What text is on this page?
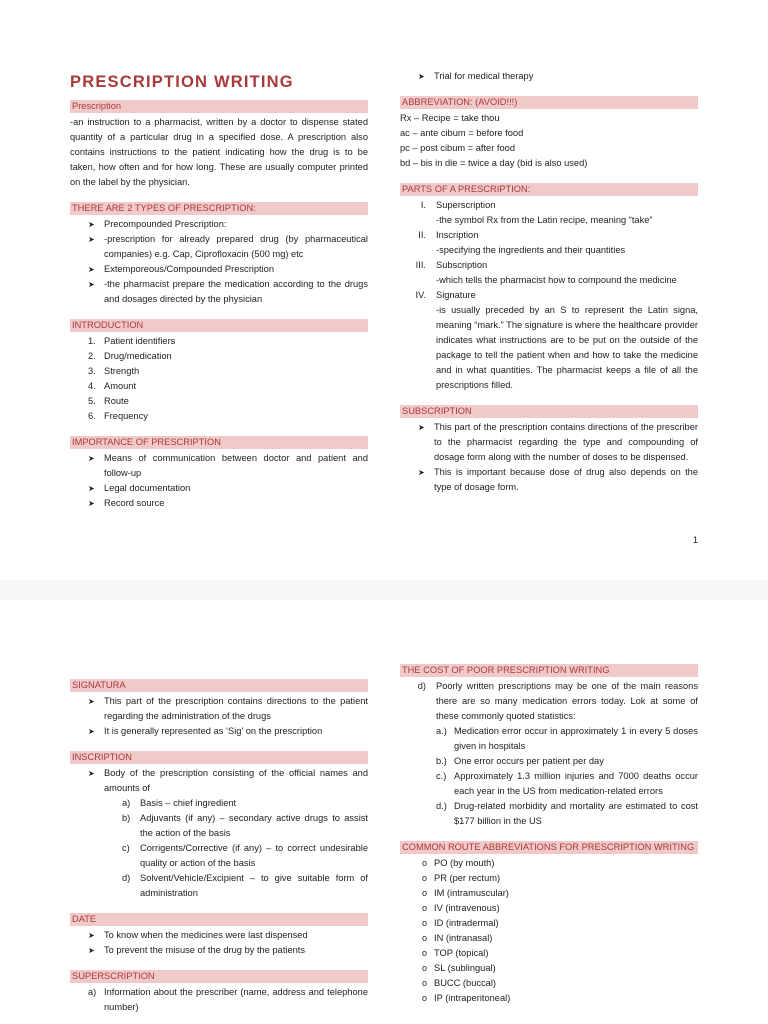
PRESCRIPTION WRITING
Prescription
-an instruction to a pharmacist, written by a doctor to dispense stated quantity of a particular drug in a specified dose. A prescription also contains instructions to the patient indicating how the drug is to be taken, how often and for how long. These are usually computer printed on the label by the physician.
THERE ARE 2 TYPES OF PRESCRIPTION:
➤ Precompounded Prescription:
➤ -prescription for already prepared drug (by pharmaceutical companies) e.g. Cap, Ciprofloxacin (500 mg) etc
➤ Extemporeous/Compounded Prescription
➤ -the pharmacist prepare the medication according to the drugs and dosages directed by the physician
INTRODUCTION
1. Patient identifiers
2. Drug/medication
3. Strength
4. Amount
5. Route
6. Frequency
IMPORTANCE OF PRESCRIPTION
➤ Means of communication between doctor and patient and follow-up
➤ Legal documentation
➤ Record source
➤ Trial for medical therapy
ABBREVIATION: (AVOID!!!)
Rx – Recipe = take thou
ac – ante cibum = before food
pc – post cibum = after food
bd – bis in die = twice a day (bid is also used)
PARTS OF A PRESCRIPTION:
I. Superscription
-the symbol Rx from the Latin recipe, meaning “take”
II. Inscription
-specifying the ingredients and their quantities
III. Subscription
-which tells the pharmacist how to compound the medicine
IV. Signature
-is usually preceded by an S to represent the Latin signa, meaning “mark.” The signature is where the healthcare provider indicates what instructions are to be put on the outside of the package to tell the patient when and how to take the medicine and in what quantities. The pharmacist keeps a file of all the prescriptions filled.
SUBSCRIPTION
➤ This part of the prescription contains directions of the prescriber to the pharmacist regarding the type and compounding of dosage form along with the number of doses to be dispensed.
➤ This is important because dose of drug also depends on the type of dosage form.
1
SIGNATURA
➤ This part of the prescription contains directions to the patient regarding the administration of the drugs
➤ It is generally represented as ‘Sig’ on the prescription
INSCRIPTION
➤ Body of the prescription consisting of the official names and amounts of
a) Basis – chief ingredient
b) Adjuvants (if any) – secondary active drugs to assist the action of the basis
c) Corrigents/Corrective (if any) – to correct undesirable quality or action of the basis
d) Solvent/Vehicle/Excipient – to give suitable form of administration
DATE
➤ To know when the medicines were last dispensed
➤ To prevent the misuse of the drug by the patients
SUPERSCRIPTION
a) Information about the prescriber (name, address and telephone number)
THE COST OF POOR PRESCRIPTION WRITING
d) Poorly written prescriptions may be one of the main reasons there are so many medication errors today. Lok at some of these commonly quoted statistics:
a.) Medication error occur in approximately 1 in every 5 doses given in hospitals
b.) One error occurs per patient per day
c.) Approximately 1.3 million injuries and 7000 deaths occur each year in the US from medication-related errors
d.) Drug-related morbidity and mortality are estimated to cost $177 billion in the US
COMMON ROUTE ABBREVIATIONS FOR PRESCRIPTION WRITING
o PO (by mouth)
o PR (per rectum)
o IM (intramuscular)
o IV (intravenous)
o ID (intradermal)
o IN (intranasal)
o TOP (topical)
o SL (sublingual)
o BUCC (buccal)
o IP (intraperitoneal)
